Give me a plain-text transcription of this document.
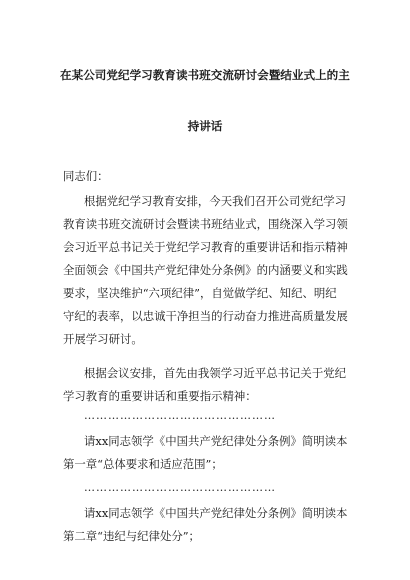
在某公司党纪学习教育读书班交流研讨会暨结业式上的主
持讲话
同志们：
根据党纪学习教育安排，今天我们召开公司党纪学习
教育读书班交流研讨会暨读书班结业式，围绕深入学习领
会习近平总书记关于党纪学习教育的重要讲话和指示精神
全面领会《中国共产党纪律处分条例》的内涵要义和实践
要求，坚决维护“六项纪律”，自觉做学纪、知纪、明纪
守纪的表率，以忠诚干净担当的行动奋力推进高质量发展
开展学习研讨。
根据会议安排，首先由我领学习近平总书记关于党纪
学习教育的重要讲话和重要指示精神：
…………………………………………
请xx同志领学《中国共产党纪律处分条例》简明读本
第一章“总体要求和适应范围”；
…………………………………………
请xx同志领学《中国共产党纪律处分条例》简明读本
第二章“违纪与纪律处分”；
